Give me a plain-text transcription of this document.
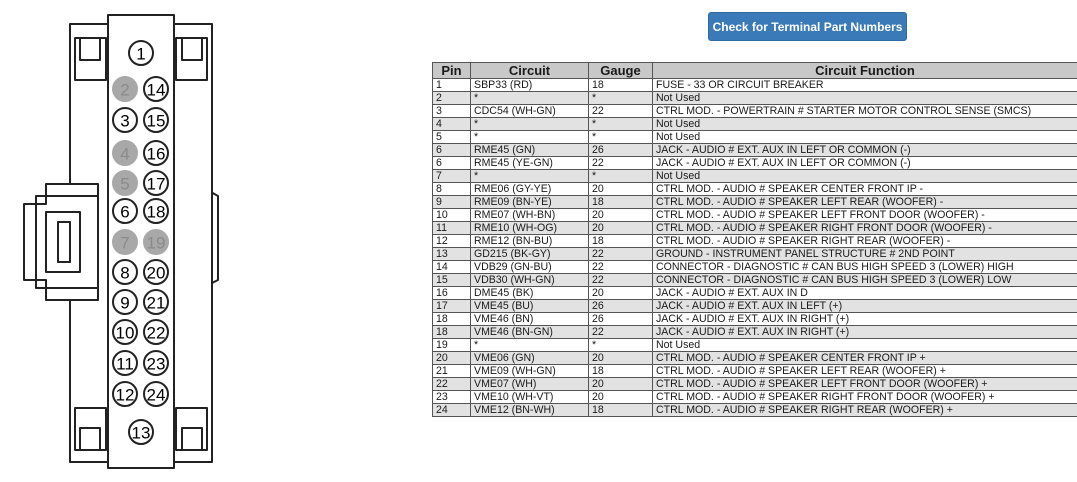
1
2 14
3 15
4 16
5 17
6 18
7 19
8 20
9 21
10 22
11 23
12 24
13
Check for Terminal Part Numbers
Pin	Circuit	Gauge	Circuit Function
1	SBP33 (RD)	18	FUSE - 33 OR CIRCUIT BREAKER
2	*	*	Not Used
3	CDC54 (WH-GN)	22	CTRL MOD. - POWERTRAIN # STARTER MOTOR CONTROL SENSE (SMCS)
4	*	*	Not Used
5	*	*	Not Used
6	RME45 (GN)	26	JACK - AUDIO # EXT. AUX IN LEFT OR COMMON (-)
6	RME45 (YE-GN)	22	JACK - AUDIO # EXT. AUX IN LEFT OR COMMON (-)
7	*	*	Not Used
8	RME06 (GY-YE)	20	CTRL MOD. - AUDIO # SPEAKER CENTER FRONT IP -
9	RME09 (BN-YE)	18	CTRL MOD. - AUDIO # SPEAKER LEFT REAR (WOOFER) -
10	RME07 (WH-BN)	20	CTRL MOD. - AUDIO # SPEAKER LEFT FRONT DOOR (WOOFER) -
11	RME10 (WH-OG)	20	CTRL MOD. - AUDIO # SPEAKER RIGHT FRONT DOOR (WOOFER) -
12	RME12 (BN-BU)	18	CTRL MOD. - AUDIO # SPEAKER RIGHT REAR (WOOFER) -
13	GD215 (BK-GY)	22	GROUND - INSTRUMENT PANEL STRUCTURE # 2ND POINT
14	VDB29 (GN-BU)	22	CONNECTOR - DIAGNOSTIC # CAN BUS HIGH SPEED 3 (LOWER) HIGH
15	VDB30 (WH-GN)	22	CONNECTOR - DIAGNOSTIC # CAN BUS HIGH SPEED 3 (LOWER) LOW
16	DME45 (BK)	20	JACK - AUDIO # EXT. AUX IN D
17	VME45 (BU)	26	JACK - AUDIO # EXT. AUX IN LEFT (+)
18	VME46 (BN)	26	JACK - AUDIO # EXT. AUX IN RIGHT (+)
18	VME46 (BN-GN)	22	JACK - AUDIO # EXT. AUX IN RIGHT (+)
19	*	*	Not Used
20	VME06 (GN)	20	CTRL MOD. - AUDIO # SPEAKER CENTER FRONT IP +
21	VME09 (WH-GN)	18	CTRL MOD. - AUDIO # SPEAKER LEFT REAR (WOOFER) +
22	VME07 (WH)	20	CTRL MOD. - AUDIO # SPEAKER LEFT FRONT DOOR (WOOFER) +
23	VME10 (WH-VT)	20	CTRL MOD. - AUDIO # SPEAKER RIGHT FRONT DOOR (WOOFER) +
24	VME12 (BN-WH)	18	CTRL MOD. - AUDIO # SPEAKER RIGHT REAR (WOOFER) +
